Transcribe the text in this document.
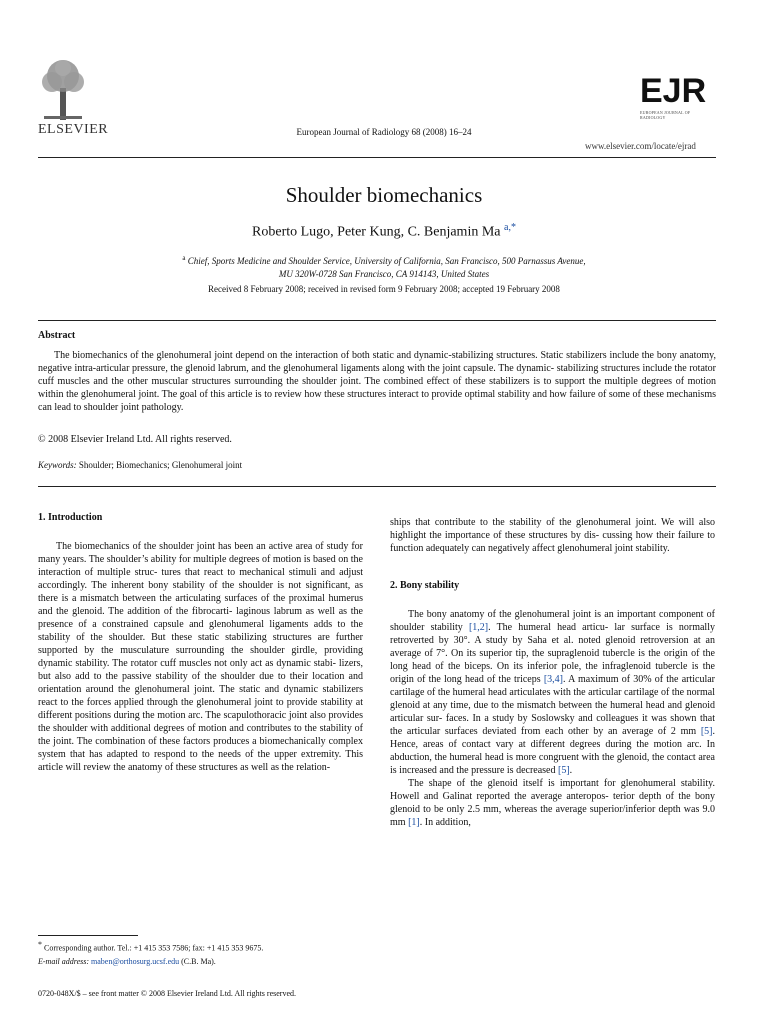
ELSEVIER	European Journal of Radiology 68 (2008) 16–24
EJR
EUROPEAN JOURNAL OF RADIOLOGY
www.elsevier.com/locate/ejrad
Shoulder biomechanics
Roberto Lugo, Peter Kung, C. Benjamin Ma $^{a,*}$
$^a$ Chief, Sports Medicine and Shoulder Service, University of California, San Francisco, 500 Parnassus Avenue,
MU 320W-0728 San Francisco, CA 914143, United States
Received 8 February 2008; received in revised form 9 February 2008; accepted 19 February 2008
Abstract

The biomechanics of the glenohumeral joint depend on the interaction of both static and dynamic-stabilizing structures. Static stabilizers include the bony anatomy, negative intra-articular pressure, the glenoid labrum, and the glenohumeral ligaments along with the joint capsule. The dynamic- stabilizing structures include the rotator cuff muscles and the other muscular structures surrounding the shoulder joint. The combined effect of these stabilizers is to support the multiple degrees of motion within the glenohumeral joint. The goal of this article is to review how these structures interact to provide optimal stability and how failure of some of these mechanisms can lead to shoulder joint pathology.

© 2008 Elsevier Ireland Ltd. All rights reserved.
Keywords: Shoulder; Biomechanics; Glenohumeral joint
1. Introduction

The biomechanics of the shoulder joint has been an active area of study for many years. The shoulder’s ability for multiple degrees of motion is based on the interaction of multiple struc- tures that react to mechanical stimuli and adjust accordingly. The inherent bony stability of the shoulder is not significant, as there is a mismatch between the articulating surfaces of the proximal humerus and the glenoid. The addition of the fibrocarti- laginous labrum as well as the presence of a constrained capsule and glenohumeral ligaments adds to the stability of the shoulder. But these static stabilizing structures are further supported by the musculature surrounding the shoulder girdle, providing dynamic stability. The rotator cuff muscles not only act as dynamic stabi- lizers, but also add to the passive stability of the shoulder due to their location and orientation around the glenohumeral joint. The static and dynamic stabilizers react to the forces applied through the glenohumeral joint to provide stability at different positions during the motion arc. The scapulothoracic joint also provides the shoulder with additional degrees of motion and contributes to the stability of the joint. The combination of these factors produces a biomechanically complex system that has adapted to respond to the needs of the upper extremity. This article will review the anatomy of these structures as well as the relation-

ships that contribute to the stability of the glenohumeral joint. We will also highlight the importance of these structures by dis- cussing how their failure to function adequately can negatively affect glenohumeral joint stability.

2. Bony stability

The bony anatomy of the glenohumeral joint is an important component of shoulder stability [1,2]. The humeral head articu- lar surface is normally retroverted by 30°. A study by Saha et al. noted glenoid retroversion at an average of 7°. On its superior tip, the supraglenoid tubercle is the origin of the long head of the biceps. On its inferior pole, the infraglenoid tubercle is the origin of the long head of the triceps [3,4]. A maximum of 30% of the articular cartilage of the humeral head articulates with the articular cartilage of the normal glenoid at any time, due to the mismatch between the humeral head and glenoid articular sur- faces. In a study by Soslowsky and colleagues it was shown that the articular surfaces deviated from each other by an average of 2 mm [5]. Hence, areas of contact vary at different degrees during the motion arc. In abduction, the humeral head is more congruent with the glenoid, the contact area is increased and the pressure is decreased [5].

The shape of the glenoid itself is important for glenohumeral stability. Howell and Galinat reported the average anteropos- terior depth of the bony glenoid to be only 2.5 mm, whereas the average superior/inferior depth was 9.0 mm [1]. In addition,

* Corresponding author. Tel.: +1 415 353 7586; fax: +1 415 353 9675.
E-mail address: maben@orthosurg.ucsf.edu (C.B. Ma).
0720-048X/$ – see front matter © 2008 Elsevier Ireland Ltd. All rights reserved.
